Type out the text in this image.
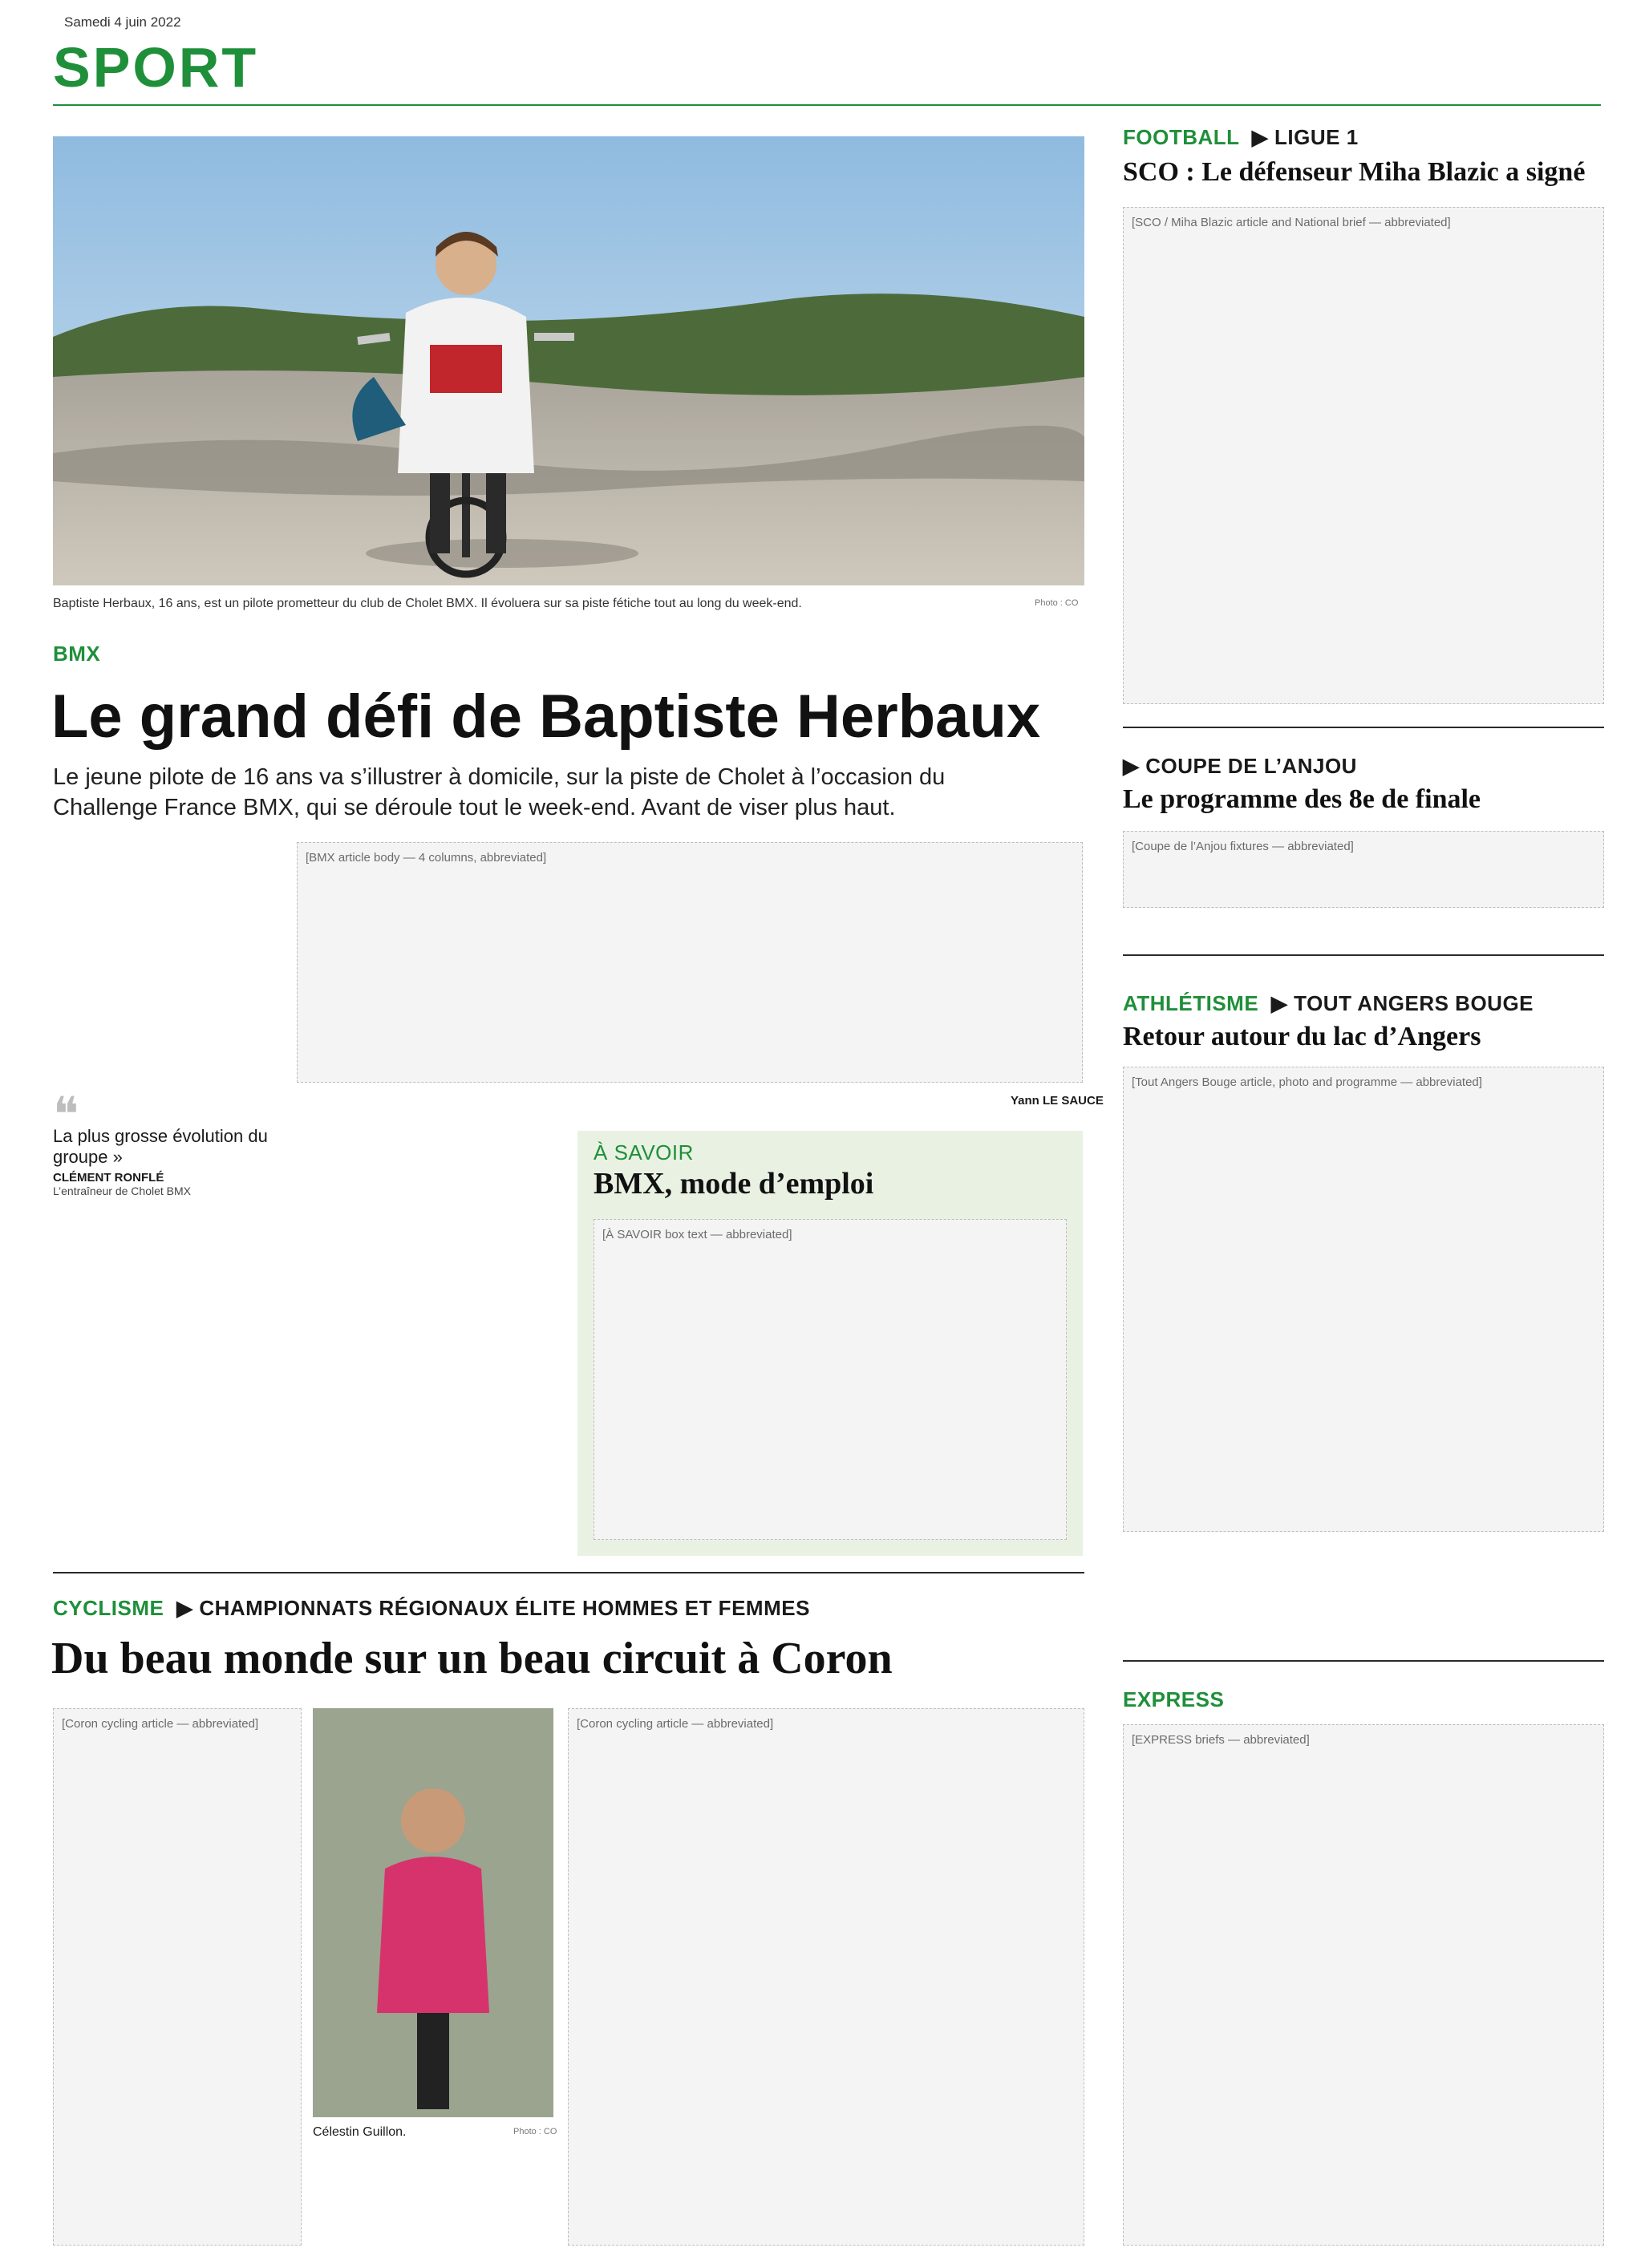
Samedi 4 juin 2022
SPORT
Baptiste Herbaux, 16 ans, est un pilote prometteur du club de Cholet BMX. Il évoluera sur sa piste fétiche tout au long du week-end.	Photo : CO
BMX
Le grand défi de Baptiste Herbaux
Le jeune pilote de 16 ans va s’illustrer à domicile, sur la piste de Cholet à l’occasion du Challenge France BMX, qui se déroule tout le week-end. Avant de viser plus haut.
❝
La plus grosse évolution du groupe »
CLÉMENT RONFLÉ
L’entraîneur de Cholet BMX
[BMX article body — 4 columns, abbreviated]
Yann LE SAUCE
À SAVOIR
BMX, mode d’emploi
[À SAVOIR box text — abbreviated]
FOOTBALL ▶ LIGUE 1
SCO : Le défenseur Miha Blazic a signé
[SCO / Miha Blazic article and National brief — abbreviated]
▶ COUPE DE L’ANJOU
Le programme des 8e de finale
[Coupe de l’Anjou fixtures — abbreviated]
ATHLÉTISME ▶ TOUT ANGERS BOUGE
Retour autour du lac d’Angers
[Tout Angers Bouge article, photo and programme — abbreviated]
CYCLISME ▶ CHAMPIONNATS RÉGIONAUX ÉLITE HOMMES ET FEMMES
Du beau monde sur un beau circuit à Coron
Célestin Guillon.	Photo : CO
[Coron cycling article — abbreviated]	[Coron cycling article — abbreviated]
EXPRESS
[EXPRESS briefs — abbreviated]
